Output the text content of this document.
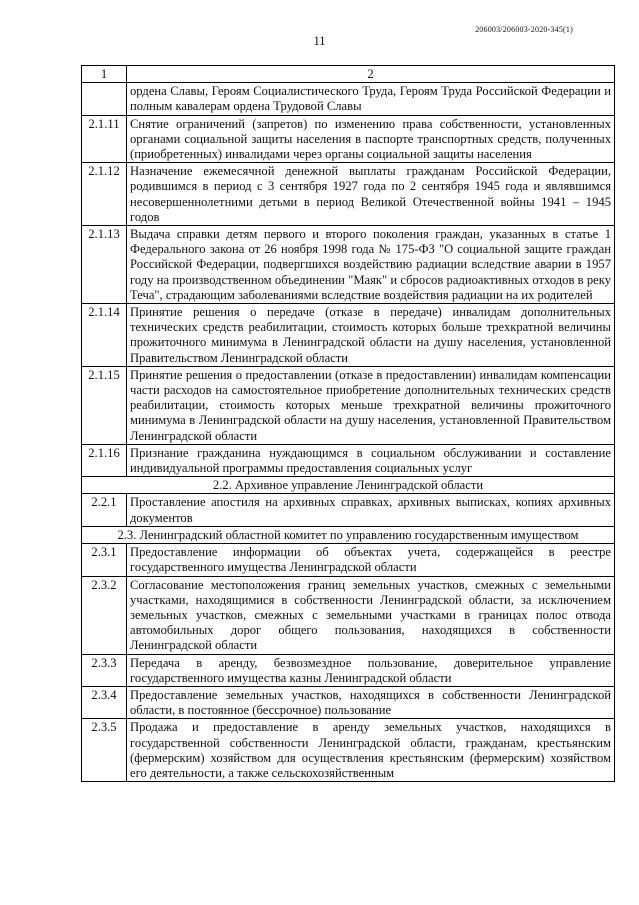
206003/206003-2020-345(1)
11
1	2
	ордена Славы, Героям Социалистического Труда, Героям Труда Российской Федерации и полным кавалерам ордена Трудовой Славы
2.1.11	Снятие ограничений (запретов) по изменению права собственности, установленных органами социальной защиты населения в паспорте транспортных средств, полученных (приобретенных) инвалидами через органы социальной защиты населения
2.1.12	Назначение ежемесячной денежной выплаты гражданам Российской Федерации, родившимся в период с 3 сентября 1927 года по 2 сентября 1945 года и являвшимся несовершеннолетними детьми в период Великой Отечественной войны 1941 – 1945 годов
2.1.13	Выдача справки детям первого и второго поколения граждан, указанных в статье 1 Федерального закона от 26 ноября 1998 года № 175-ФЗ "О социальной защите граждан Российской Федерации, подвергшихся воздействию радиации вследствие аварии в 1957 году на производственном объединении "Маяк" и сбросов радиоактивных отходов в реку Теча", страдающим заболеваниями вследствие воздействия радиации на их родителей
2.1.14	Принятие решения о передаче (отказе в передаче) инвалидам дополнительных технических средств реабилитации, стоимость которых больше трехкратной величины прожиточного минимума в Ленинградской области на душу населения, установленной Правительством Ленинградской области
2.1.15	Принятие решения о предоставлении (отказе в предоставлении) инвалидам компенсации части расходов на самостоятельное приобретение дополнительных технических средств реабилитации, стоимость которых меньше трехкратной величины прожиточного минимума в Ленинградской области на душу населения, установленной Правительством Ленинградской области
2.1.16	Признание гражданина нуждающимся в социальном обслуживании и составление индивидуальной программы предоставления социальных услуг
2.2. Архивное управление Ленинградской области	
2.2.1	Проставление апостиля на архивных справках, архивных выписках, копиях архивных документов
2.3. Ленинградский областной комитет по управлению государственным имуществом	
2.3.1	Предоставление информации об объектах учета, содержащейся в реестре государственного имущества Ленинградской области
2.3.2	Согласование местоположения границ земельных участков, смежных с земельными участками, находящимися в собственности Ленинградской области, за исключением земельных участков, смежных с земельными участками в границах полос отвода автомобильных дорог общего пользования, находящихся в собственности Ленинградской области
2.3.3	Передача в аренду, безвозмездное пользование, доверительное управление государственного имущества казны Ленинградской области
2.3.4	Предоставление земельных участков, находящихся в собственности Ленинградской области, в постоянное (бессрочное) пользование
2.3.5	Продажа и предоставление в аренду земельных участков, находящихся в государственной собственности Ленинградской области, гражданам, крестьянским (фермерским) хозяйством для осуществления крестьянским (фермерским) хозяйством его деятельности, а также сельскохозяйственным
